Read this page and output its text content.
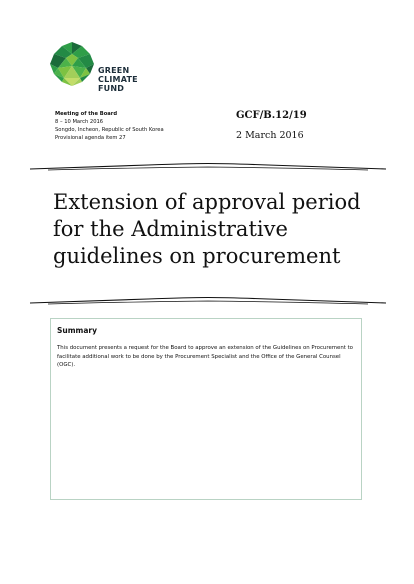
GREEN
CLIMATE
FUND
Meeting of the Board
8 – 10 March 2016
Songdo, Incheon, Republic of South Korea
Provisional agenda item 27
GCF/B.12/19
2 March 2016
Extension of approval period for the Administrative guidelines on procurement
Summary
This document presents a request for the Board to approve an extension of the Guidelines on Procurement to facilitate additional work to be done by the Procurement Specialist and the Office of the General Counsel (OGC).
